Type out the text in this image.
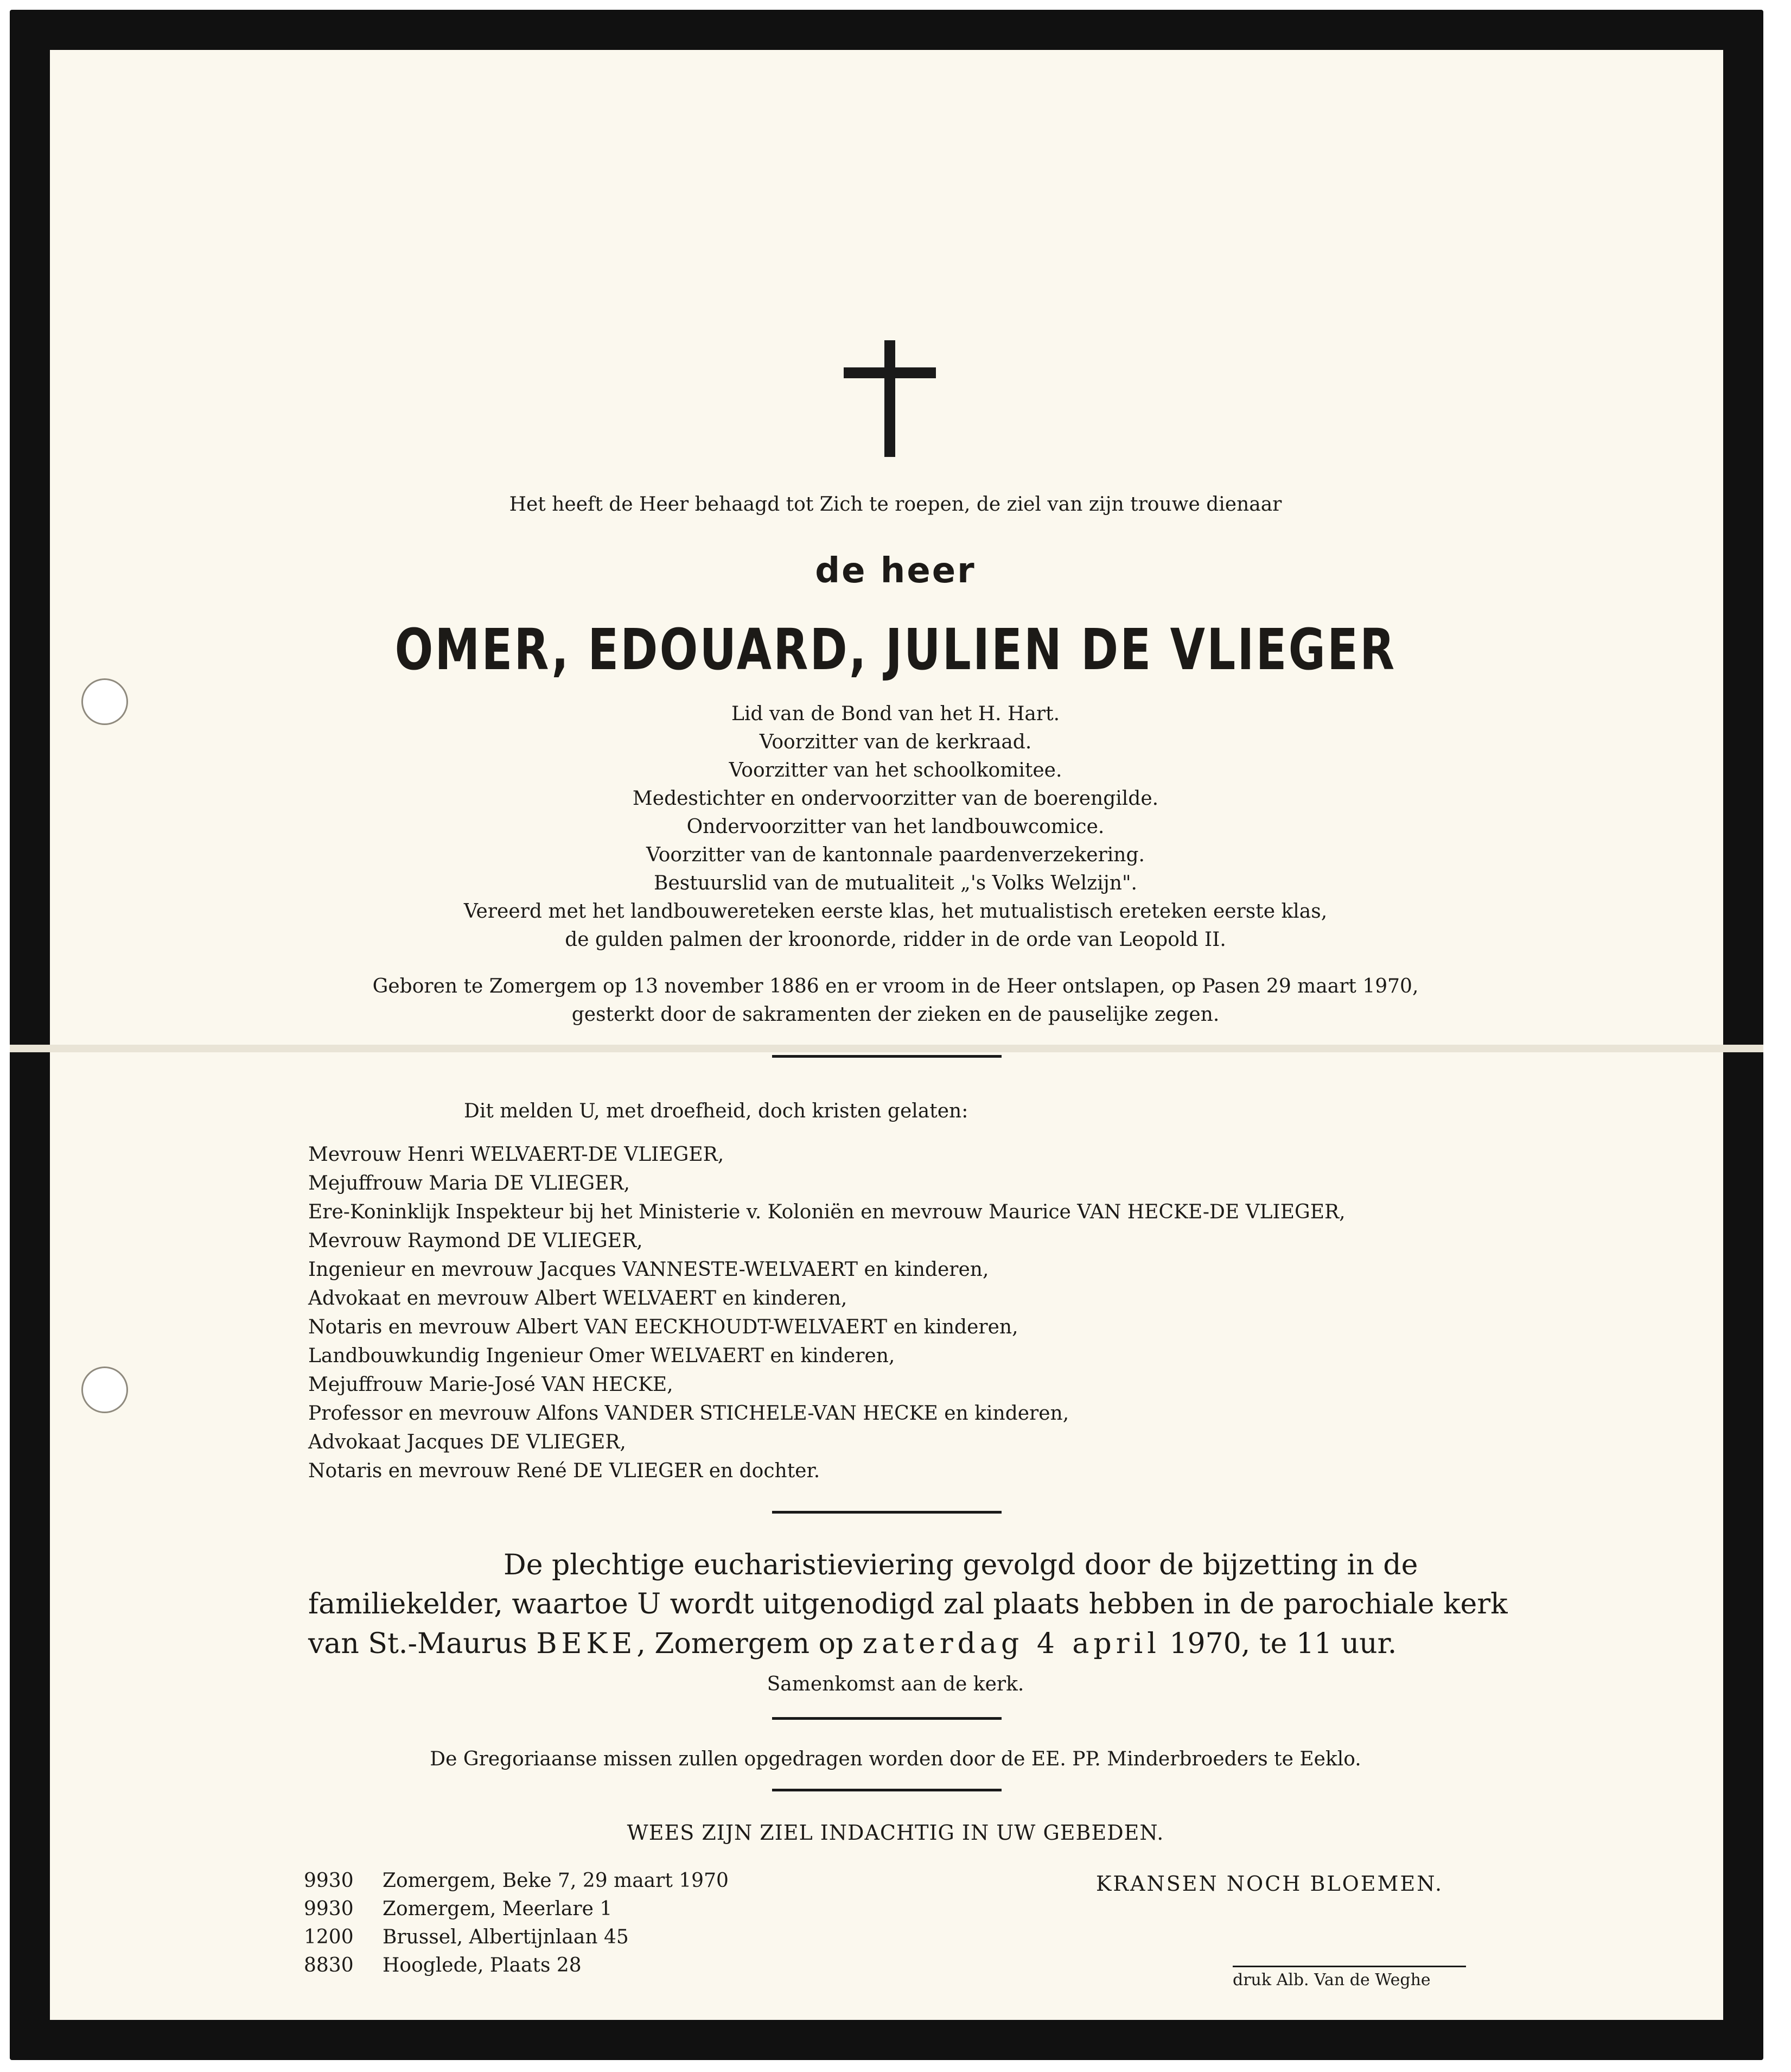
Het heeft de Heer behaagd tot Zich te roepen, de ziel van zijn trouwe dienaar
de heer
OMER, EDOUARD, JULIEN DE VLIEGER
Lid van de Bond van het H. Hart.
Voorzitter van de kerkraad.
Voorzitter van het schoolkomitee.
Medestichter en ondervoorzitter van de boerengilde.
Ondervoorzitter van het landbouwcomice.
Voorzitter van de kantonnale paardenverzekering.
Bestuurslid van de mutualiteit „'s Volks Welzijn".
Vereerd met het landbouwereteken eerste klas, het mutualistisch ereteken eerste klas,
de gulden palmen der kroonorde, ridder in de orde van Leopold II.
Geboren te Zomergem op 13 november 1886 en er vroom in de Heer ontslapen, op Pasen 29 maart 1970,
gesterkt door de sakramenten der zieken en de pauselijke zegen.
Dit melden U, met droefheid, doch kristen gelaten:
Mevrouw Henri WELVAERT-DE VLIEGER,
Mejuffrouw Maria DE VLIEGER,
Ere-Koninklijk Inspekteur bij het Ministerie v. Koloniën en mevrouw Maurice VAN HECKE-DE VLIEGER,
Mevrouw Raymond DE VLIEGER,
Ingenieur en mevrouw Jacques VANNESTE-WELVAERT en kinderen,
Advokaat en mevrouw Albert WELVAERT en kinderen,
Notaris en mevrouw Albert VAN EECKHOUDT-WELVAERT en kinderen,
Landbouwkundig Ingenieur Omer WELVAERT en kinderen,
Mejuffrouw Marie-José VAN HECKE,
Professor en mevrouw Alfons VANDER STICHELE-VAN HECKE en kinderen,
Advokaat Jacques DE VLIEGER,
Notaris en mevrouw René DE VLIEGER en dochter.
De plechtige eucharistieviering gevolgd door de bijzetting in de
familiekelder, waartoe U wordt uitgenodigd zal plaats hebben in de parochiale kerk
van St.-Maurus BEKE, Zomergem op zaterdag 4 april 1970, te 11 uur.
Samenkomst aan de kerk.
De Gregoriaanse missen zullen opgedragen worden door de EE. PP. Minderbroeders te Eeklo.
WEES ZIJN ZIEL INDACHTIG IN UW GEBEDEN.
9930 Zomergem, Beke 7, 29 maart 1970
9930 Zomergem, Meerlare 1
1200 Brussel, Albertijnlaan 45
8830 Hooglede, Plaats 28
KRANSEN NOCH BLOEMEN.
druk Alb. Van de Weghe
